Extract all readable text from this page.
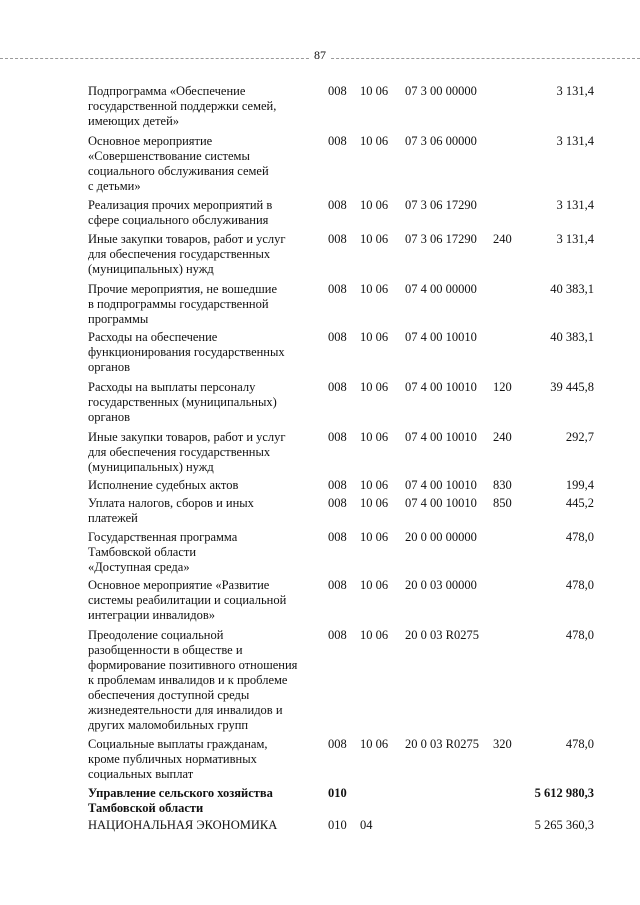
87
Подпрограмма «Обеспечение
государственной поддержки семей,
имеющих детей»
008 10 06 07 3 00 00000	3 131,4
Основное мероприятие
«Совершенствование системы
социального обслуживания семей
с детьми»
008 10 06 07 3 06 00000	3 131,4
Реализация прочих мероприятий в
сфере социального обслуживания
008 10 06 07 3 06 17290	3 131,4
Иные закупки товаров, работ и услуг
для обеспечения государственных
(муниципальных) нужд
008 10 06 07 3 06 17290 240	3 131,4
Прочие мероприятия, не вошедшие
в подпрограммы государственной
программы
008 10 06 07 4 00 00000	40 383,1
Расходы на обеспечение
функционирования государственных
органов
008 10 06 07 4 00 10010	40 383,1
Расходы на выплаты персоналу
государственных (муниципальных)
органов
008 10 06 07 4 00 10010 120	39 445,8
Иные закупки товаров, работ и услуг
для обеспечения государственных
(муниципальных) нужд
008 10 06 07 4 00 10010 240	292,7
Исполнение судебных актов	008 10 06 07 4 00 10010 830	199,4
Уплата налогов, сборов и иных
платежей
008 10 06 07 4 00 10010 850	445,2
Государственная программа
Тамбовской области
«Доступная среда»
008 10 06 20 0 00 00000	478,0
Основное мероприятие «Развитие
системы реабилитации и социальной
интеграции инвалидов»
008 10 06 20 0 03 00000	478,0
Преодоление социальной
разобщенности в обществе и
формирование позитивного отношения
к проблемам инвалидов и к проблеме
обеспечения доступной среды
жизнедеятельности для инвалидов и
других маломобильных групп
008 10 06 20 0 03 R0275	478,0
Социальные выплаты гражданам,
кроме публичных нормативных
социальных выплат
008 10 06 20 0 03 R0275 320	478,0
Управление сельского хозяйства
Тамбовской области
010	5 612 980,3
НАЦИОНАЛЬНАЯ ЭКОНОМИКА	010 04	5 265 360,3
